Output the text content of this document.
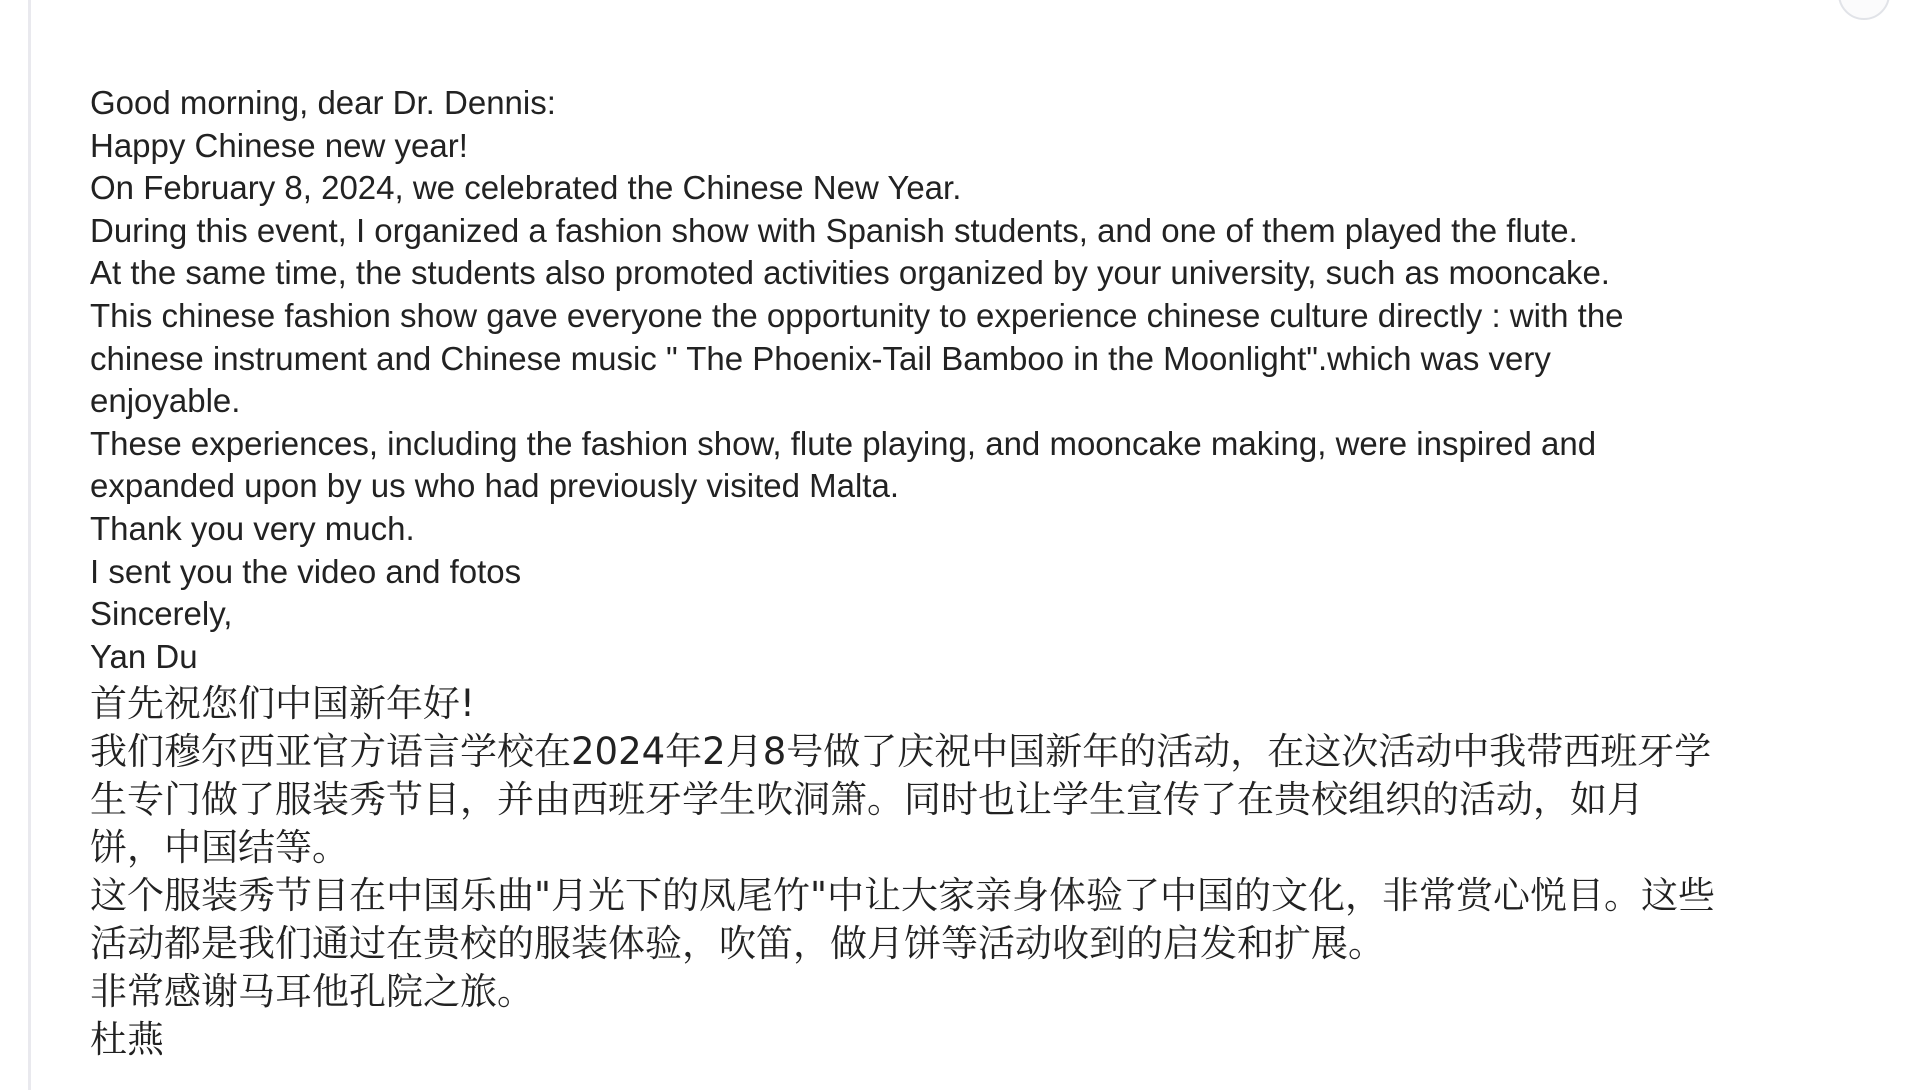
Good morning, dear Dr. Dennis:
Happy Chinese new year!
On February 8, 2024, we celebrated the Chinese New Year.
During this event, I organized a fashion show with Spanish students, and one of them played the flute.
At the same time, the students also promoted activities organized by your university, such as mooncake.
This chinese fashion show gave everyone the opportunity to experience chinese culture directly : with the
chinese instrument and Chinese music " The Phoenix-Tail Bamboo in the Moonlight".which was very
enjoyable.
These experiences, including the fashion show, flute playing, and mooncake making, were inspired and
expanded upon by us who had previously visited Malta.
Thank you very much.
I sent you the video and fotos
Sincerely,
Yan Du
首先祝您们中国新年好!
我们穆尔西亚官方语言学校在2024年2月8号做了庆祝中国新年的活动，在这次活动中我带西班牙学
生专门做了服装秀节目，并由西班牙学生吹洞箫。同时也让学生宣传了在贵校组织的活动，如月
饼，中国结等。
这个服装秀节目在中国乐曲"月光下的凤尾竹"中让大家亲身体验了中国的文化，非常赏心悦目。这些
活动都是我们通过在贵校的服装体验，吹笛，做月饼等活动收到的启发和扩展。
非常感谢马耳他孔院之旅。
杜燕
